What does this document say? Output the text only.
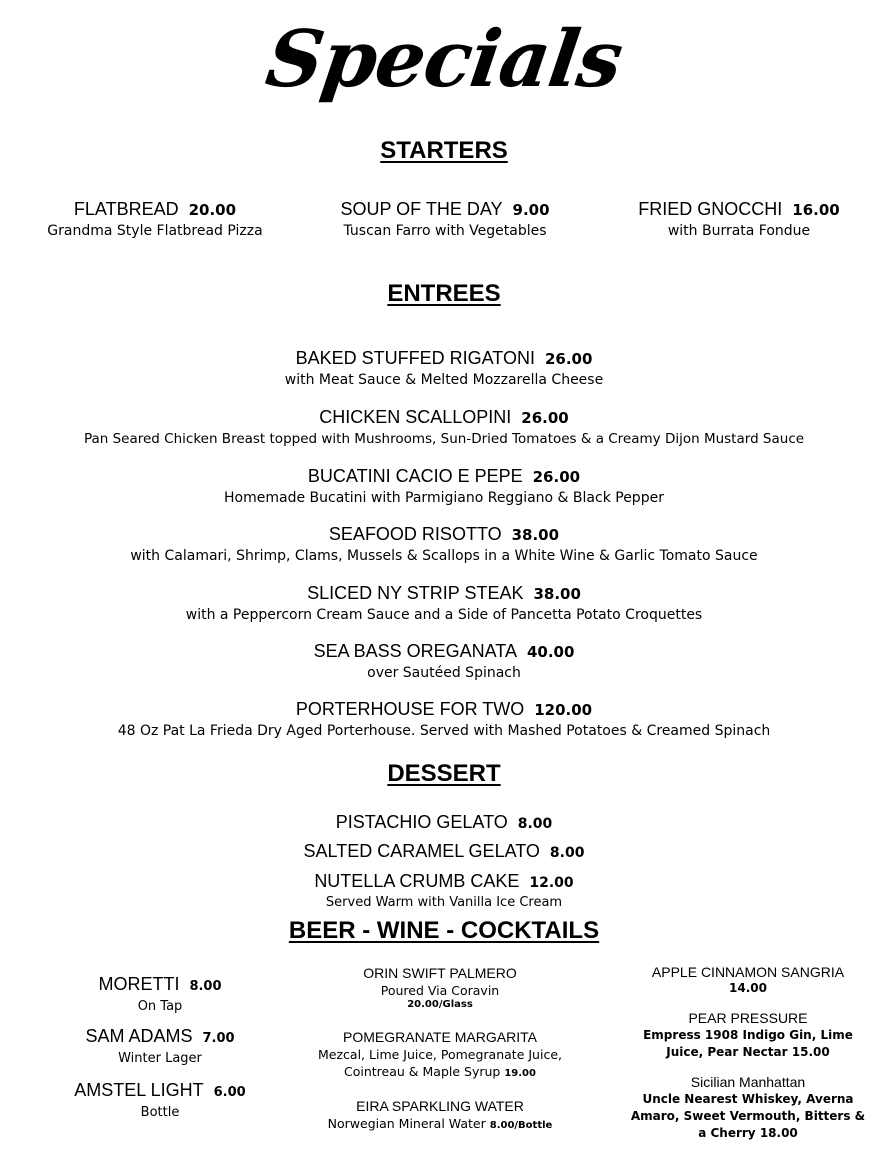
Specials
STARTERS
FLATBREAD 20.00
Grandma Style Flatbread Pizza
SOUP OF THE DAY 9.00
Tuscan Farro with Vegetables
FRIED GNOCCHI 16.00
with Burrata Fondue
ENTREES
BAKED STUFFED RIGATONI 26.00
with Meat Sauce & Melted Mozzarella Cheese
CHICKEN SCALLOPINI 26.00
Pan Seared Chicken Breast topped with Mushrooms, Sun-Dried Tomatoes & a Creamy Dijon Mustard Sauce
BUCATINI CACIO E PEPE 26.00
Homemade Bucatini with Parmigiano Reggiano & Black Pepper
SEAFOOD RISOTTO 38.00
with Calamari, Shrimp, Clams, Mussels & Scallops in a White Wine & Garlic Tomato Sauce
SLICED NY STRIP STEAK 38.00
with a Peppercorn Cream Sauce and a Side of Pancetta Potato Croquettes
SEA BASS OREGANATA 40.00
over Sautéed Spinach
PORTERHOUSE FOR TWO 120.00
48 Oz Pat La Frieda Dry Aged Porterhouse. Served with Mashed Potatoes & Creamed Spinach
DESSERT
PISTACHIO GELATO 8.00
SALTED CARAMEL GELATO 8.00
NUTELLA CRUMB CAKE 12.00
Served Warm with Vanilla Ice Cream
BEER - WINE - COCKTAILS
MORETTI 8.00
On Tap
SAM ADAMS 7.00
Winter Lager
AMSTEL LIGHT 6.00
Bottle
ORIN SWIFT PALMERO
Poured Via Coravin
20.00/Glass
POMEGRANATE MARGARITA
Mezcal, Lime Juice, Pomegranate Juice,
Cointreau & Maple Syrup 19.00
EIRA SPARKLING WATER
Norwegian Mineral Water 8.00/Bottle
APPLE CINNAMON SANGRIA
14.00
PEAR PRESSURE
Empress 1908 Indigo Gin, Lime
Juice, Pear Nectar 15.00
Sicilian Manhattan
Uncle Nearest Whiskey, Averna
Amaro, Sweet Vermouth, Bitters &
a Cherry 18.00
